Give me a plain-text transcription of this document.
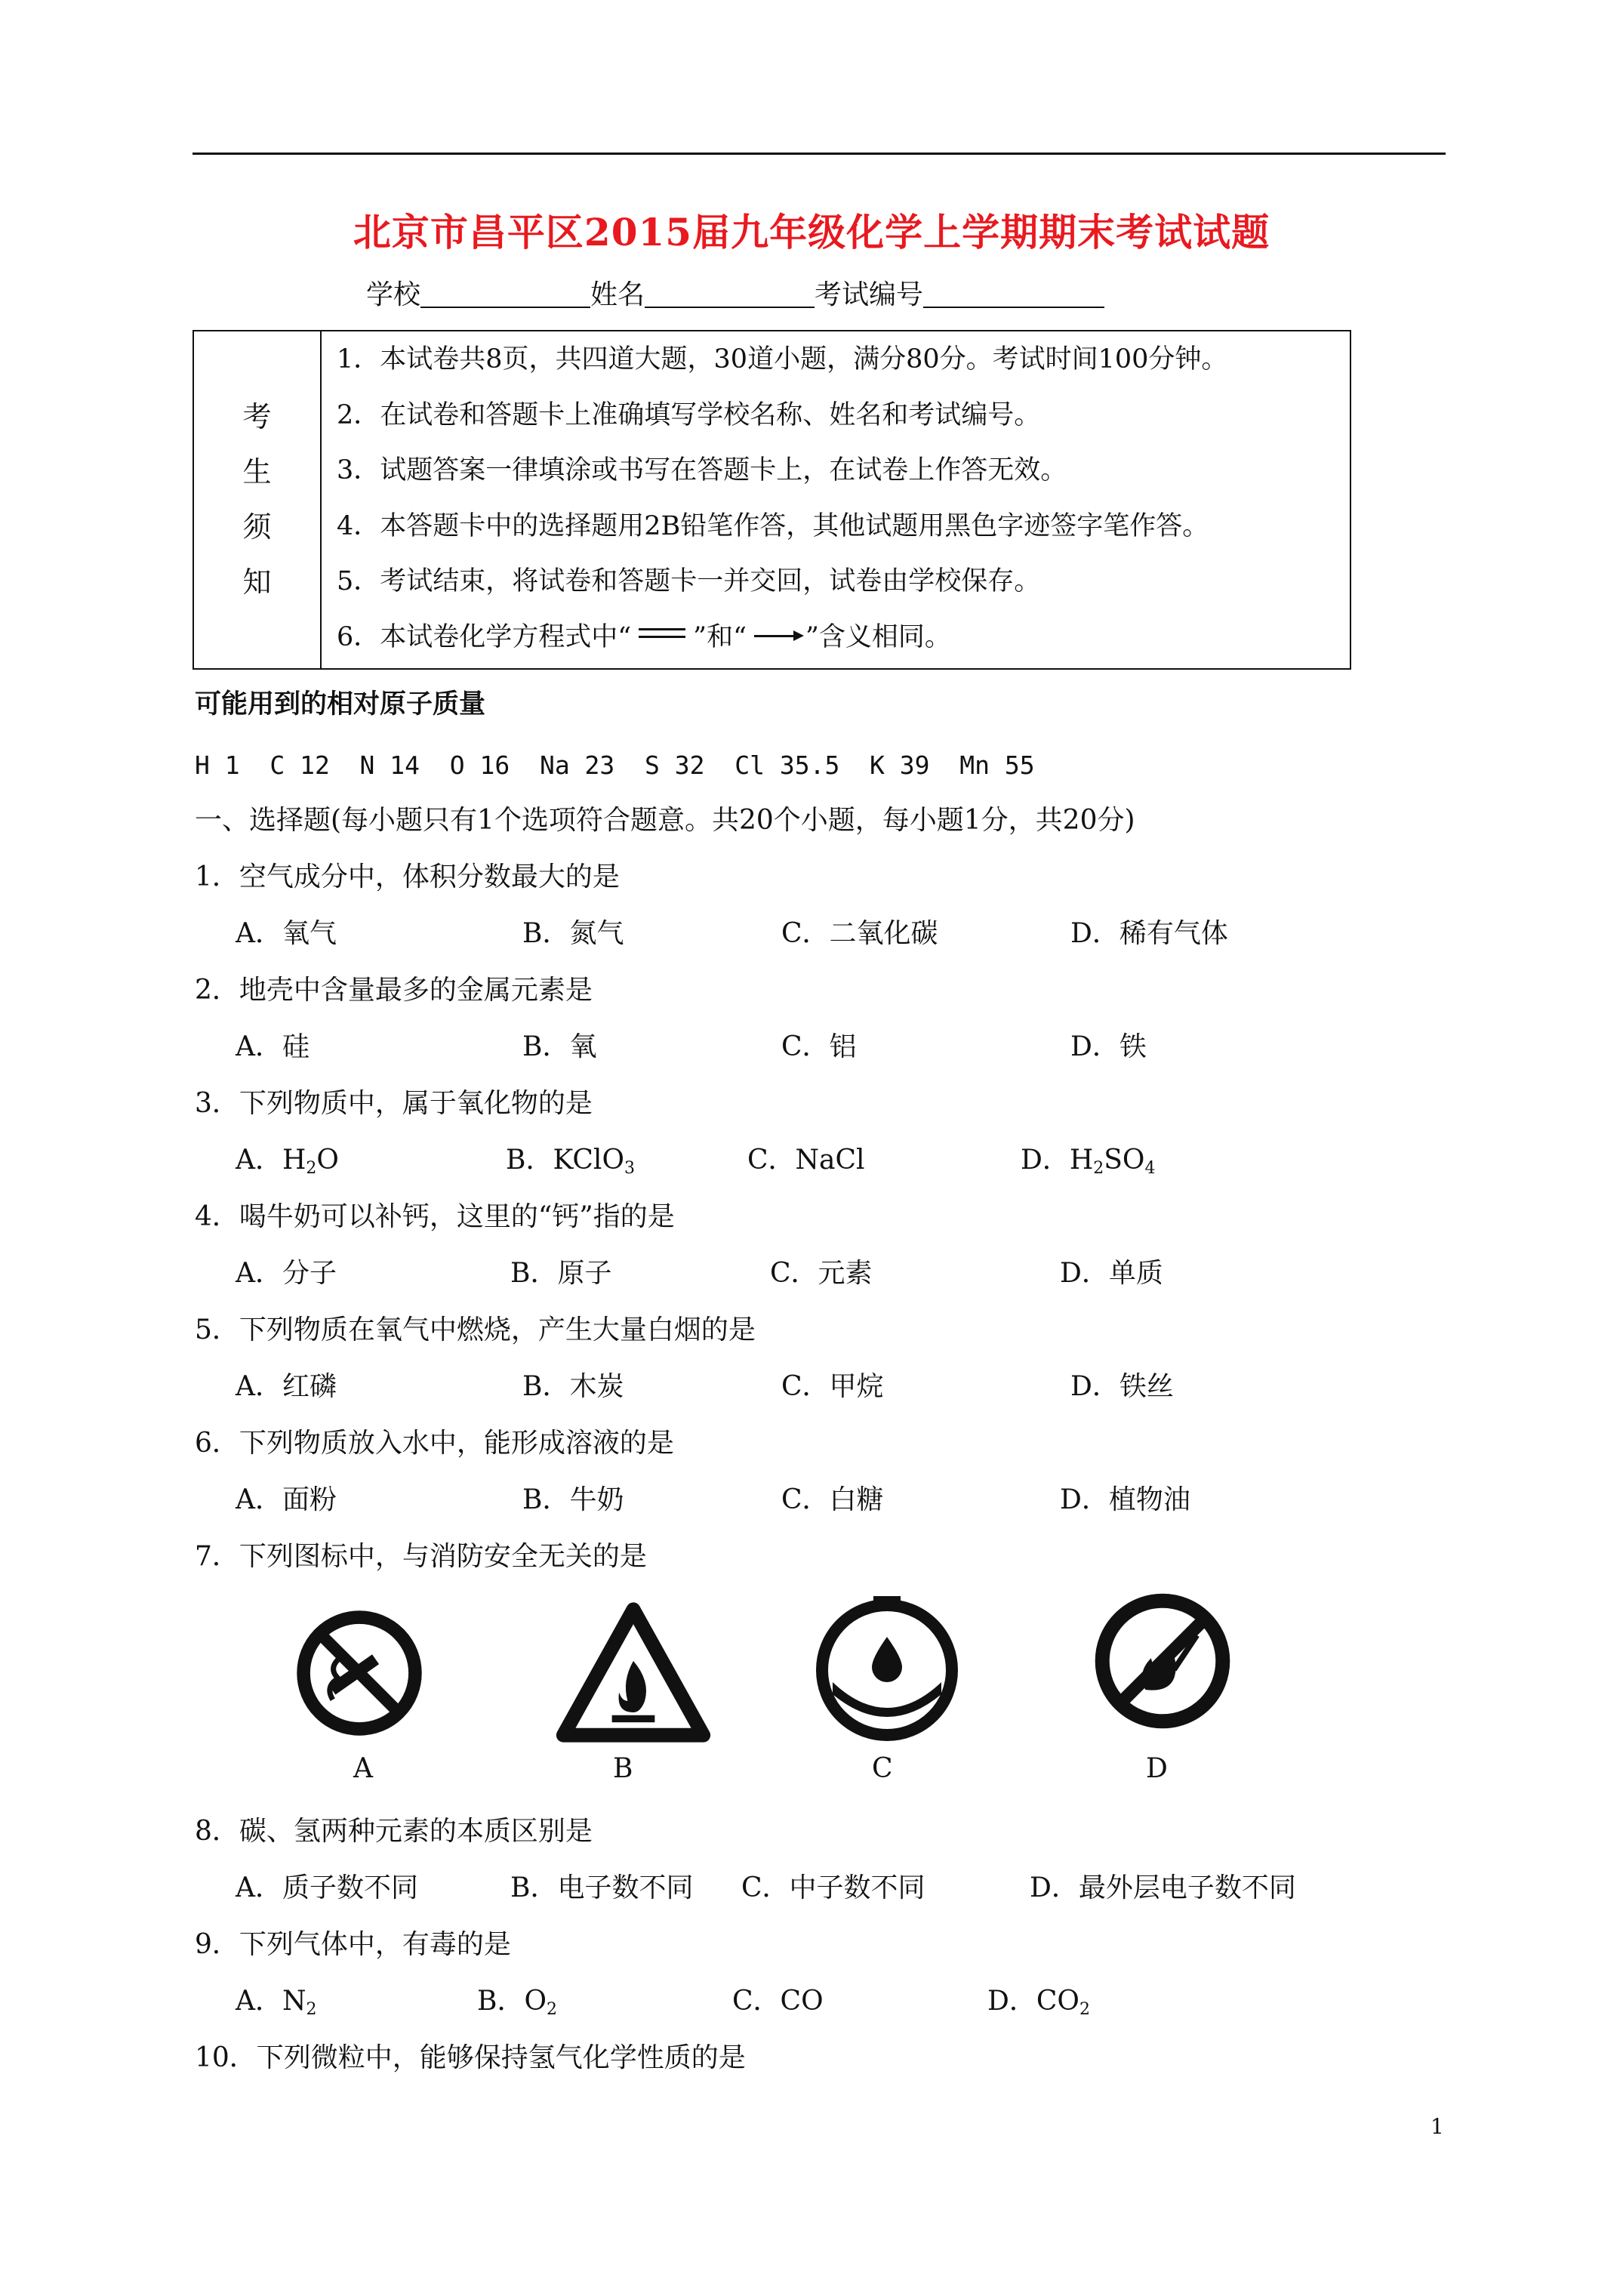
北京市昌平区2015届九年级化学上学期期末考试试题
学校	姓名	考试编号
考
生
须
知

1．本试卷共8页，共四道大题，30道小题，满分80分。考试时间100分钟。
2．在试卷和答题卡上准确填写学校名称、姓名和考试编号。
3．试题答案一律填涂或书写在答题卡上，在试卷上作答无效。
4．本答题卡中的选择题用2B铅笔作答，其他试题用黑色字迹签字笔作答。
5．考试结束，将试卷和答题卡一并交回，试卷由学校保存。
6．本试卷化学方程式中“ ”和“ ”含义相同。
可能用到的相对原子质量
H 1  C 12  N 14  O 16  Na 23  S 32  Cl 35.5  K 39  Mn 55
一、选择题(每小题只有1个选项符合题意。共20个小题，每小题1分，共20分)
1．空气成分中，体积分数最大的是
A．氧气	B．氮气	C．二氧化碳	D．稀有气体
2．地壳中含量最多的金属元素是
A．硅	B．氧	C．铝	D．铁
3．下列物质中，属于氧化物的是
A．$H_2O$	B．KClO$_3$	C．NaCl	D．$H_2SO_4$
4．喝牛奶可以补钙，这里的“钙”指的是
A．分子	B．原子	C．元素	D．单质
5．下列物质在氧气中燃烧，产生大量白烟的是
A．红磷	B．木炭	C．甲烷	D．铁丝
6．下列物质放入水中，能形成溶液的是
A．面粉	B．牛奶	C．白糖	D．植物油
7．下列图标中，与消防安全无关的是
A	B	C	D
8．碳、氢两种元素的本质区别是
A．质子数不同	B．电子数不同 C．中子数不同	D．最外层电子数不同
9．下列气体中，有毒的是
A．$N_2$	B．$O_2$	C．CO	D．$CO_2$
10．下列微粒中，能够保持氢气化学性质的是
1
